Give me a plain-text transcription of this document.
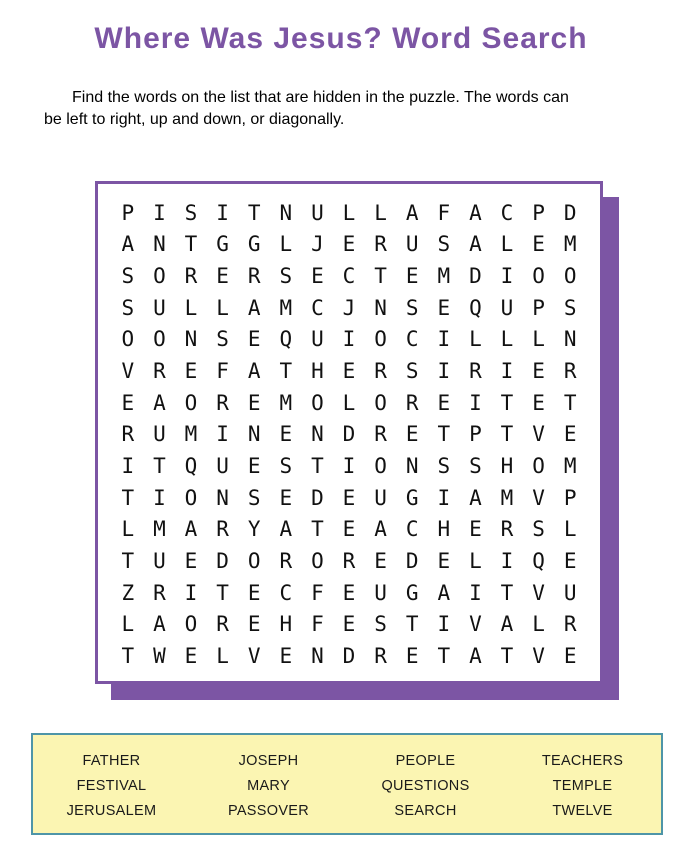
Where Was Jesus? Word Search

Find the words on the list that are hidden in the puzzle. The words can
be left to right, up and down, or diagonally.

P I S I T N U L L A F A C P D
A N T G G L J E R U S A L E M
S O R E R S E C T E M D I O O
S U L L A M C J N S E Q U P S
O O N S E Q U I O C I L L L N
V R E F A T H E R S I R I E R
E A O R E M O L O R E I T E T
R U M I N E N D R E T P T V E
I T Q U E S T I O N S S H O M
T I O N S E D E U G I A M V P
L M A R Y A T E A C H E R S L
T U E D O R O R E D E L I Q E
Z R I T E C F E U G A I T V U
L A O R E H F E S T I V A L R
T W E L V E N D R E T A T V E
FATHER
FESTIVAL
JERUSALEM
JOSEPH
MARY
PASSOVER
PEOPLE
QUESTIONS
SEARCH
TEACHERS
TEMPLE
TWELVE
